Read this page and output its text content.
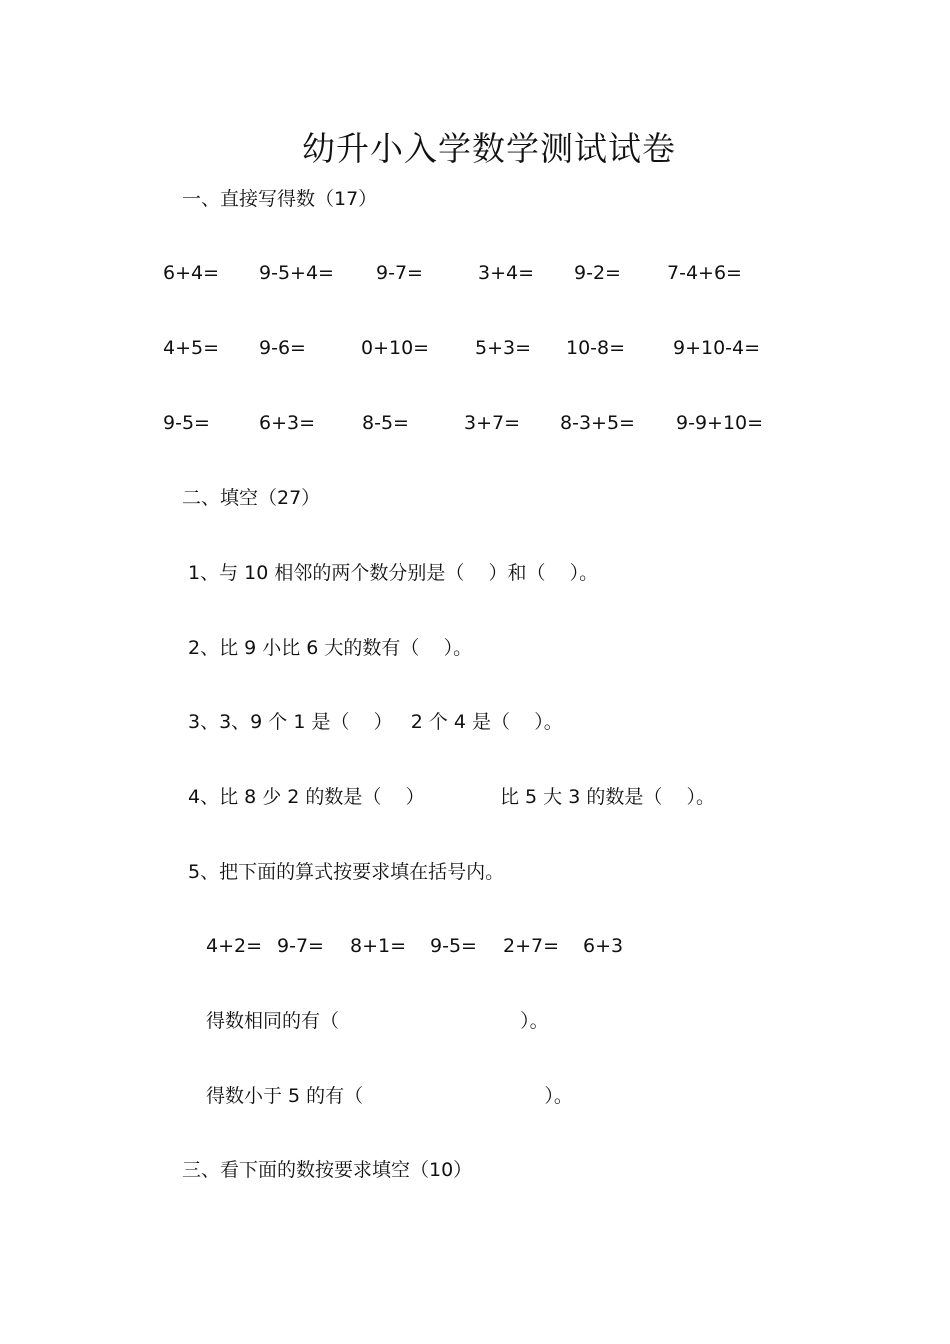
幼升小入学数学测试试卷
一、直接写得数（17）
6+4= 9-5+4= 9-7=	3+4= 9-2= 7-4+6=
4+5= 9-6=	0+10= 5+3= 10-8=	9+10-4=
9-5=	6+3= 8-5=	3+7= 8-3+5= 9-9+10=
二、填空（27）
1、与 10 相邻的两个数分别是（    ）和（    ）。
2、比 9 小比 6 大的数有（    ）。
3、3、9 个 1 是（    ）   2 个 4 是（    ）。
4、比 8 少 2 的数是（    ）	比 5 大 3 的数是（    ）。
5、把下面的算式按要求填在括号内。
4+2= 9-7= 8+1= 9-5= 2+7= 6+3
得数相同的有（                              ）。
得数小于 5 的有（                              ）。
三、看下面的数按要求填空（10）
